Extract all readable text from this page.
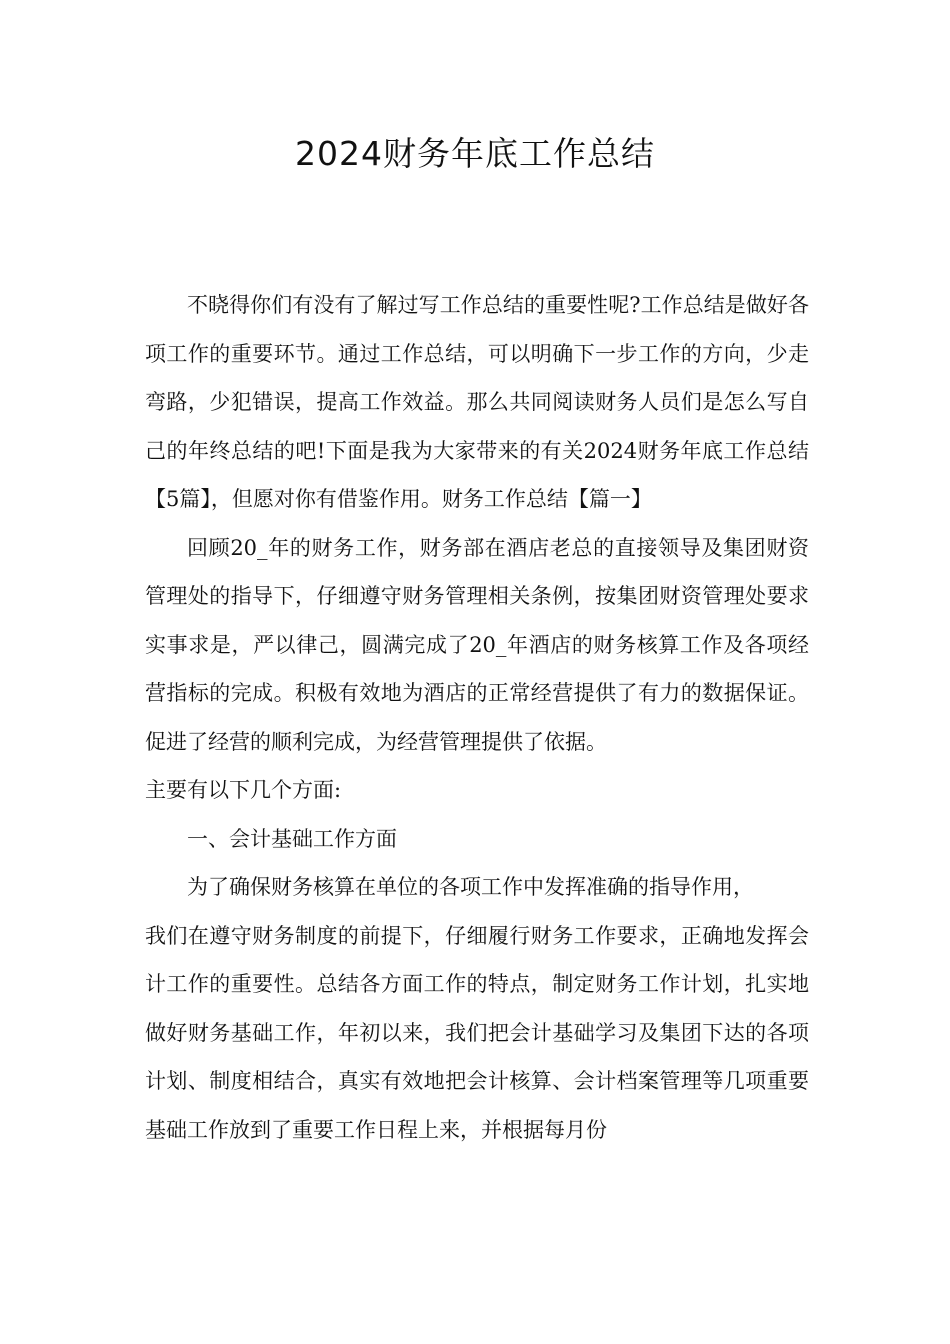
2024财务年底工作总结

不晓得你们有没有了解过写工作总结的重要性呢?工作总结是做好各项工作的重要环节。通过工作总结，可以明确下一步工作的方向，少走弯路，少犯错误，提高工作效益。那么共同阅读财务人员们是怎么写自己的年终总结的吧!下面是我为大家带来的有关2024财务年底工作总结【5篇】，但愿对你有借鉴作用。财务工作总结【篇一】

回顾20_年的财务工作，财务部在酒店老总的直接领导及集团财资管理处的指导下，仔细遵守财务管理相关条例，按集团财资管理处要求实事求是，严以律己，圆满完成了20_年酒店的财务核算工作及各项经营指标的完成。积极有效地为酒店的正常经营提供了有力的数据保证。促进了经营的顺利完成，为经营管理提供了依据。

主要有以下几个方面:

一、会计基础工作方面

为了确保财务核算在单位的各项工作中发挥准确的指导作用，

我们在遵守财务制度的前提下，仔细履行财务工作要求，正确地发挥会计工作的重要性。总结各方面工作的特点，制定财务工作计划，扎实地做好财务基础工作，年初以来，我们把会计基础学习及集团下达的各项计划、制度相结合，真实有效地把会计核算、会计档案管理等几项重要基础工作放到了重要工作日程上来，并根据每月份
